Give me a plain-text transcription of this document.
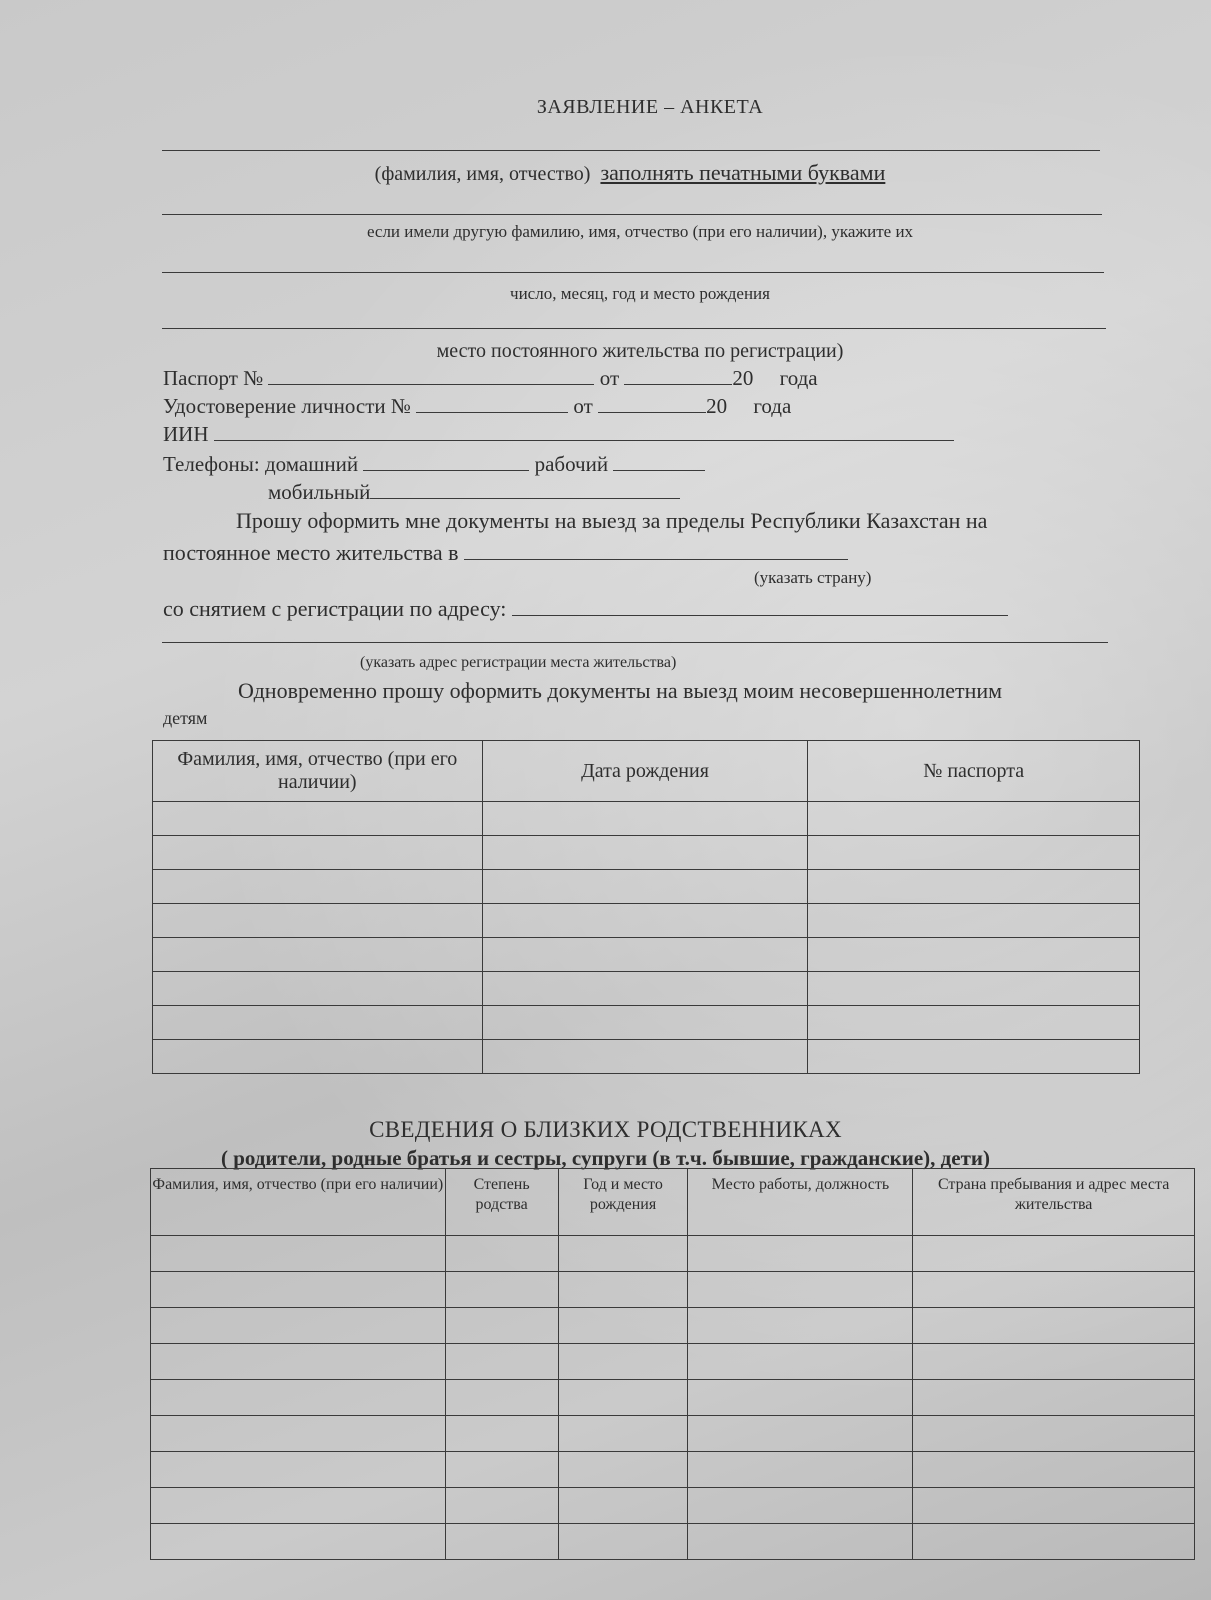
ЗАЯВЛЕНИЕ – АНКЕТА
(фамилия, имя, отчество) заполнять печатными буквами
если имели другую фамилию, имя, отчество (при его наличии), укажите их
число, месяц, год и место рождения
место постоянного жительства по регистрации)
Паспорт №	от	20 года
Удостоверение личности №	от	20 года
ИИН
Телефоны: домашний	рабочий
мобильный
Прошу оформить мне документы на выезд за пределы Республики Казахстан на
постоянное место жительства в
(указать страну)
со снятием с регистрации по адресу:
(указать адрес регистрации места жительства)
Одновременно прошу оформить документы на выезд моим несовершеннолетним
детям
Фамилия, имя, отчество (при его наличии)	Дата рождения	№ паспорта

СВЕДЕНИЯ О БЛИЗКИХ РОДСТВЕННИКАХ
( родители, родные братья и сестры, супруги (в т.ч. бывшие, гражданские), дети)
Фамилия, имя, отчество (при его наличии)	Степень родства	Год и место рождения	Место работы, должность	Страна пребывания и адрес места жительства
